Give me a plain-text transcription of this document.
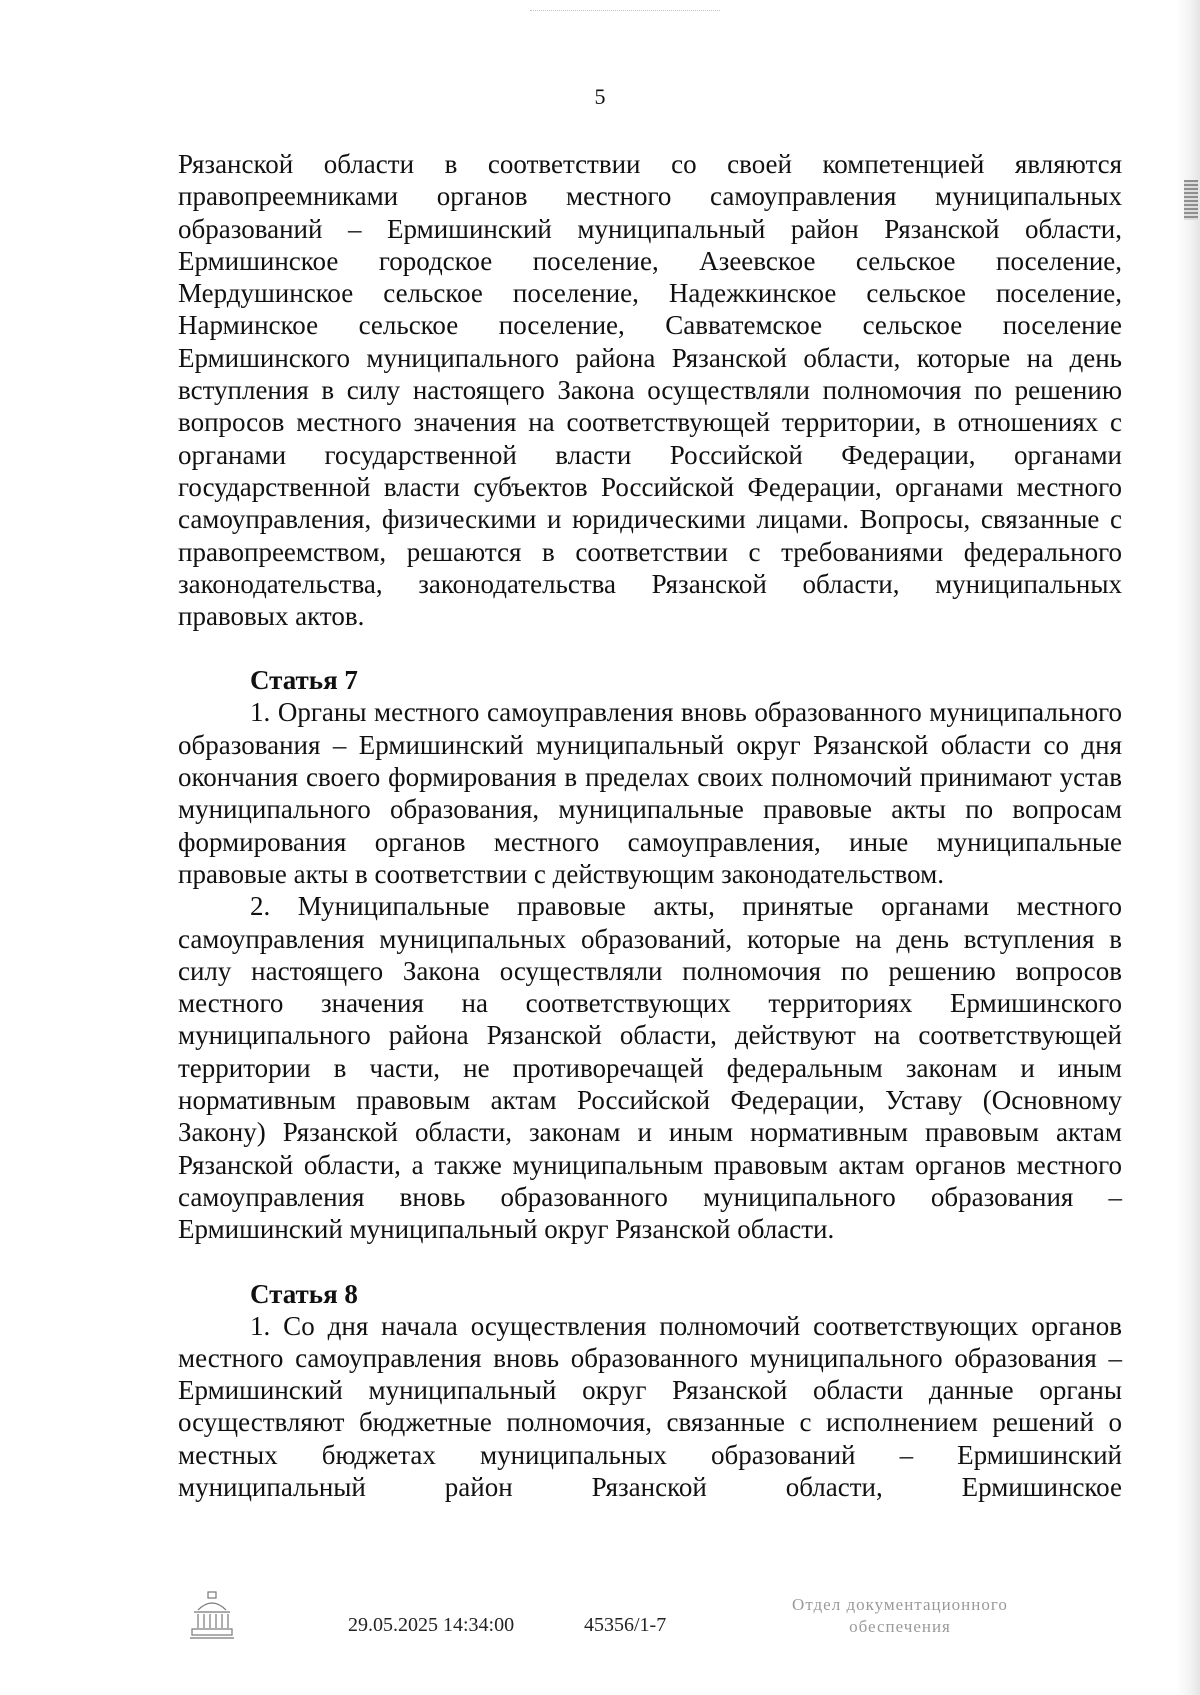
5

Рязанской области в соответствии со своей компетенцией являются правопреемниками органов местного самоуправления муниципальных образований – Ермишинский муниципальный район Рязанской области, Ермишинское городское поселение, Азеевское сельское поселение, Мердушинское сельское поселение, Надежкинское сельское поселение, Нарминское сельское поселение, Савватемское сельское поселение Ермишинского муниципального района Рязанской области, которые на день вступления в силу настоящего Закона осуществляли полномочия по решению вопросов местного значения на соответствующей территории, в отношениях с органами государственной власти Российской Федерации, органами государственной власти субъектов Российской Федерации, органами местного самоуправления, физическими и юридическими лицами. Вопросы, связанные с правопреемством, решаются в соответствии с требованиями федерального законодательства, законодательства Рязанской области, муниципальных правовых актов.

Статья 7

1. Органы местного самоуправления вновь образованного муниципального образования – Ермишинский муниципальный округ Рязанской области со дня окончания своего формирования в пределах своих полномочий принимают устав муниципального образования, муниципальные правовые акты по вопросам формирования органов местного самоуправления, иные муниципальные правовые акты в соответствии с действующим законодательством.

2. Муниципальные правовые акты, принятые органами местного самоуправления муниципальных образований, которые на день вступления в силу настоящего Закона осуществляли полномочия по решению вопросов местного значения на соответствующих территориях Ермишинского муниципального района Рязанской области, действуют на соответствующей территории в части, не противоречащей федеральным законам и иным нормативным правовым актам Российской Федерации, Уставу (Основному Закону) Рязанской области, законам и иным нормативным правовым актам Рязанской области, а также муниципальным правовым актам органов местного самоуправления вновь образованного муниципального образования – Ермишинский муниципальный округ Рязанской области.

Статья 8

1. Со дня начала осуществления полномочий соответствующих органов местного самоуправления вновь образованного муниципального образования – Ермишинский муниципальный округ Рязанской области данные органы осуществляют бюджетные полномочия, связанные с исполнением решений о местных бюджетах муниципальных образований – Ермишинский муниципальный район Рязанской области, Ермишинское

29.05.2025 14:34:00	45356/1-7
Отдел документационного
обеспечения
